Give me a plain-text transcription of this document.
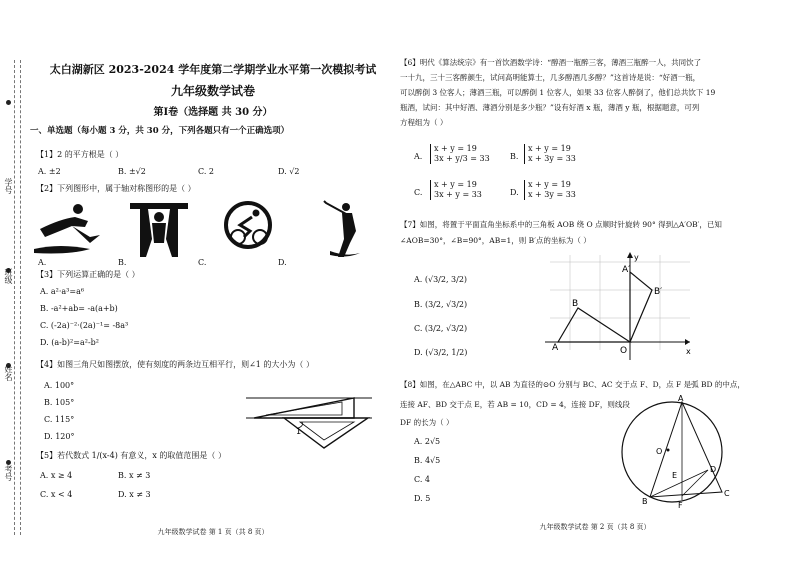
学号
班级
姓名
考号
太白湖新区 2023-2024 学年度第二学期学业水平第一次模拟考试
九年级数学试卷
第Ⅰ卷（选择题 共 30 分）
一、单选题（每小题 3 分，共 30 分，下列各题只有一个正确选项）
【1】2 的平方根是（ ）
A. ±2	B. ±√2	C. 2	D. √2
【2】下列图形中，属于轴对称图形的是（ ）
A.	B.	C.	D.
【3】下列运算正确的是（ ）
A. a²·a³=a⁶
B. -a²+ab= -a(a+b)
C. (-2a)⁻²·(2a)⁻¹= -8a³
D. (a-b)²=a²-b²
【4】如图三角尺如图摆放，使有刻度的两条边互相平行，则∠1 的大小为（ ）
A. 100°
B. 105°
C. 115°
D. 120°
1
【5】若代数式 1/(x-4) 有意义，x 的取值范围是（ ）
A. x ≥ 4	B. x ≠ 3
C. x < 4	D. x ≠ 3
九年级数学试卷 第 1 页（共 8 页）
【6】明代《算法统宗》有一首饮酒数学诗：“醇酒一瓶醉三客，薄酒三瓶醉一人，共同饮了
一十九，三十三客醉颜生，试问高明能算士，几多醇酒几多醇？”这首诗是说：“好酒一瓶，
可以醉倒 3 位客人；薄酒三瓶，可以醉倒 1 位客人，如果 33 位客人醉倒了，他们总共饮下 19
瓶酒，试问：其中好酒、薄酒分别是多少瓶？”设有好酒 x 瓶，薄酒 y 瓶，根据题意，可列
方程组为（ ）
A.
x + y = 19
3x + y/3 = 33	B.
x + y = 19
x + 3y = 33
C.
x + y = 19
3x + y = 33	D.
x + y = 19
x + 3y = 33
【7】如图，将置于平面直角坐标系中的三角板 AOB 绕 O 点顺时针旋转 90° 得到△A′OB′，已知
∠AOB=30°，∠B=90°，AB=1，则 B′点的坐标为（ ）
A. (√3/2, 3/2)
B. (3/2, √3/2)
C. (3/2, √3/2)
D. (√3/2, 1/2)	A
B
O
A′
B′
x
y
【8】如图，在△ABC 中，以 AB 为直径的⊙O 分别与 BC、AC 交于点 F、D，点 F 是弧 BD 的中点，
连接 AF、BD 交于点 E，若 AB = 10，CD = 4，连接 DF，则线段
DF 的长为（ ）
A. 2√5
B. 4√5
C. 4
D. 5
A
O
E
D
B	F
C
九年级数学试卷 第 2 页（共 8 页）
